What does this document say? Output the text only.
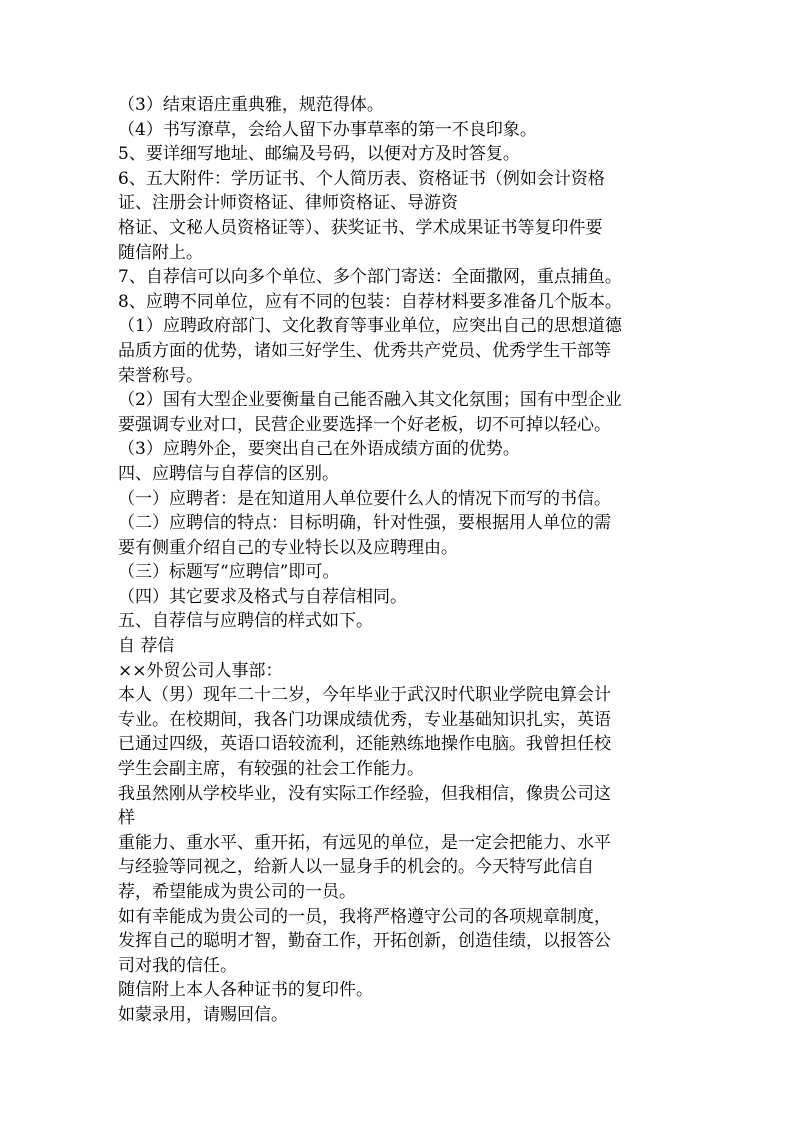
（3）结束语庄重典雅，规范得体。
（4）书写潦草，会给人留下办事草率的第一不良印象。
5、要详细写地址、邮编及号码，以便对方及时答复。
6、五大附件：学历证书、个人简历表、资格证书（例如会计资格
证、注册会计师资格证、律师资格证、导游资
格证、文秘人员资格证等）、获奖证书、学术成果证书等复印件要
随信附上。
7、自荐信可以向多个单位、多个部门寄送：全面撒网，重点捕鱼。
8、应聘不同单位，应有不同的包装：自荐材料要多准备几个版本。
（1）应聘政府部门、文化教育等事业单位，应突出自己的思想道德
品质方面的优势，诸如三好学生、优秀共产党员、优秀学生干部等
荣誉称号。
（2）国有大型企业要衡量自己能否融入其文化氛围；国有中型企业
要强调专业对口，民营企业要选择一个好老板，切不可掉以轻心。
（3）应聘外企，要突出自己在外语成绩方面的优势。
四、应聘信与自荐信的区别。
（一）应聘者：是在知道用人单位要什么人的情况下而写的书信。
（二）应聘信的特点：目标明确，针对性强，要根据用人单位的需
要有侧重介绍自己的专业特长以及应聘理由。
（三）标题写“应聘信”即可。
（四）其它要求及格式与自荐信相同。
五、自荐信与应聘信的样式如下。
自 荐信
××外贸公司人事部：
本人（男）现年二十二岁，今年毕业于武汉时代职业学院电算会计
专业。在校期间，我各门功课成绩优秀，专业基础知识扎实，英语
已通过四级，英语口语较流利，还能熟练地操作电脑。我曾担任校
学生会副主席，有较强的社会工作能力。
我虽然刚从学校毕业，没有实际工作经验，但我相信，像贵公司这
样
重能力、重水平、重开拓，有远见的单位，是一定会把能力、水平
与经验等同视之，给新人以一显身手的机会的。今天特写此信自
荐，希望能成为贵公司的一员。
如有幸能成为贵公司的一员，我将严格遵守公司的各项规章制度，
发挥自己的聪明才智，勤奋工作，开拓创新，创造佳绩，以报答公
司对我的信任。
随信附上本人各种证书的复印件。
如蒙录用，请赐回信。
